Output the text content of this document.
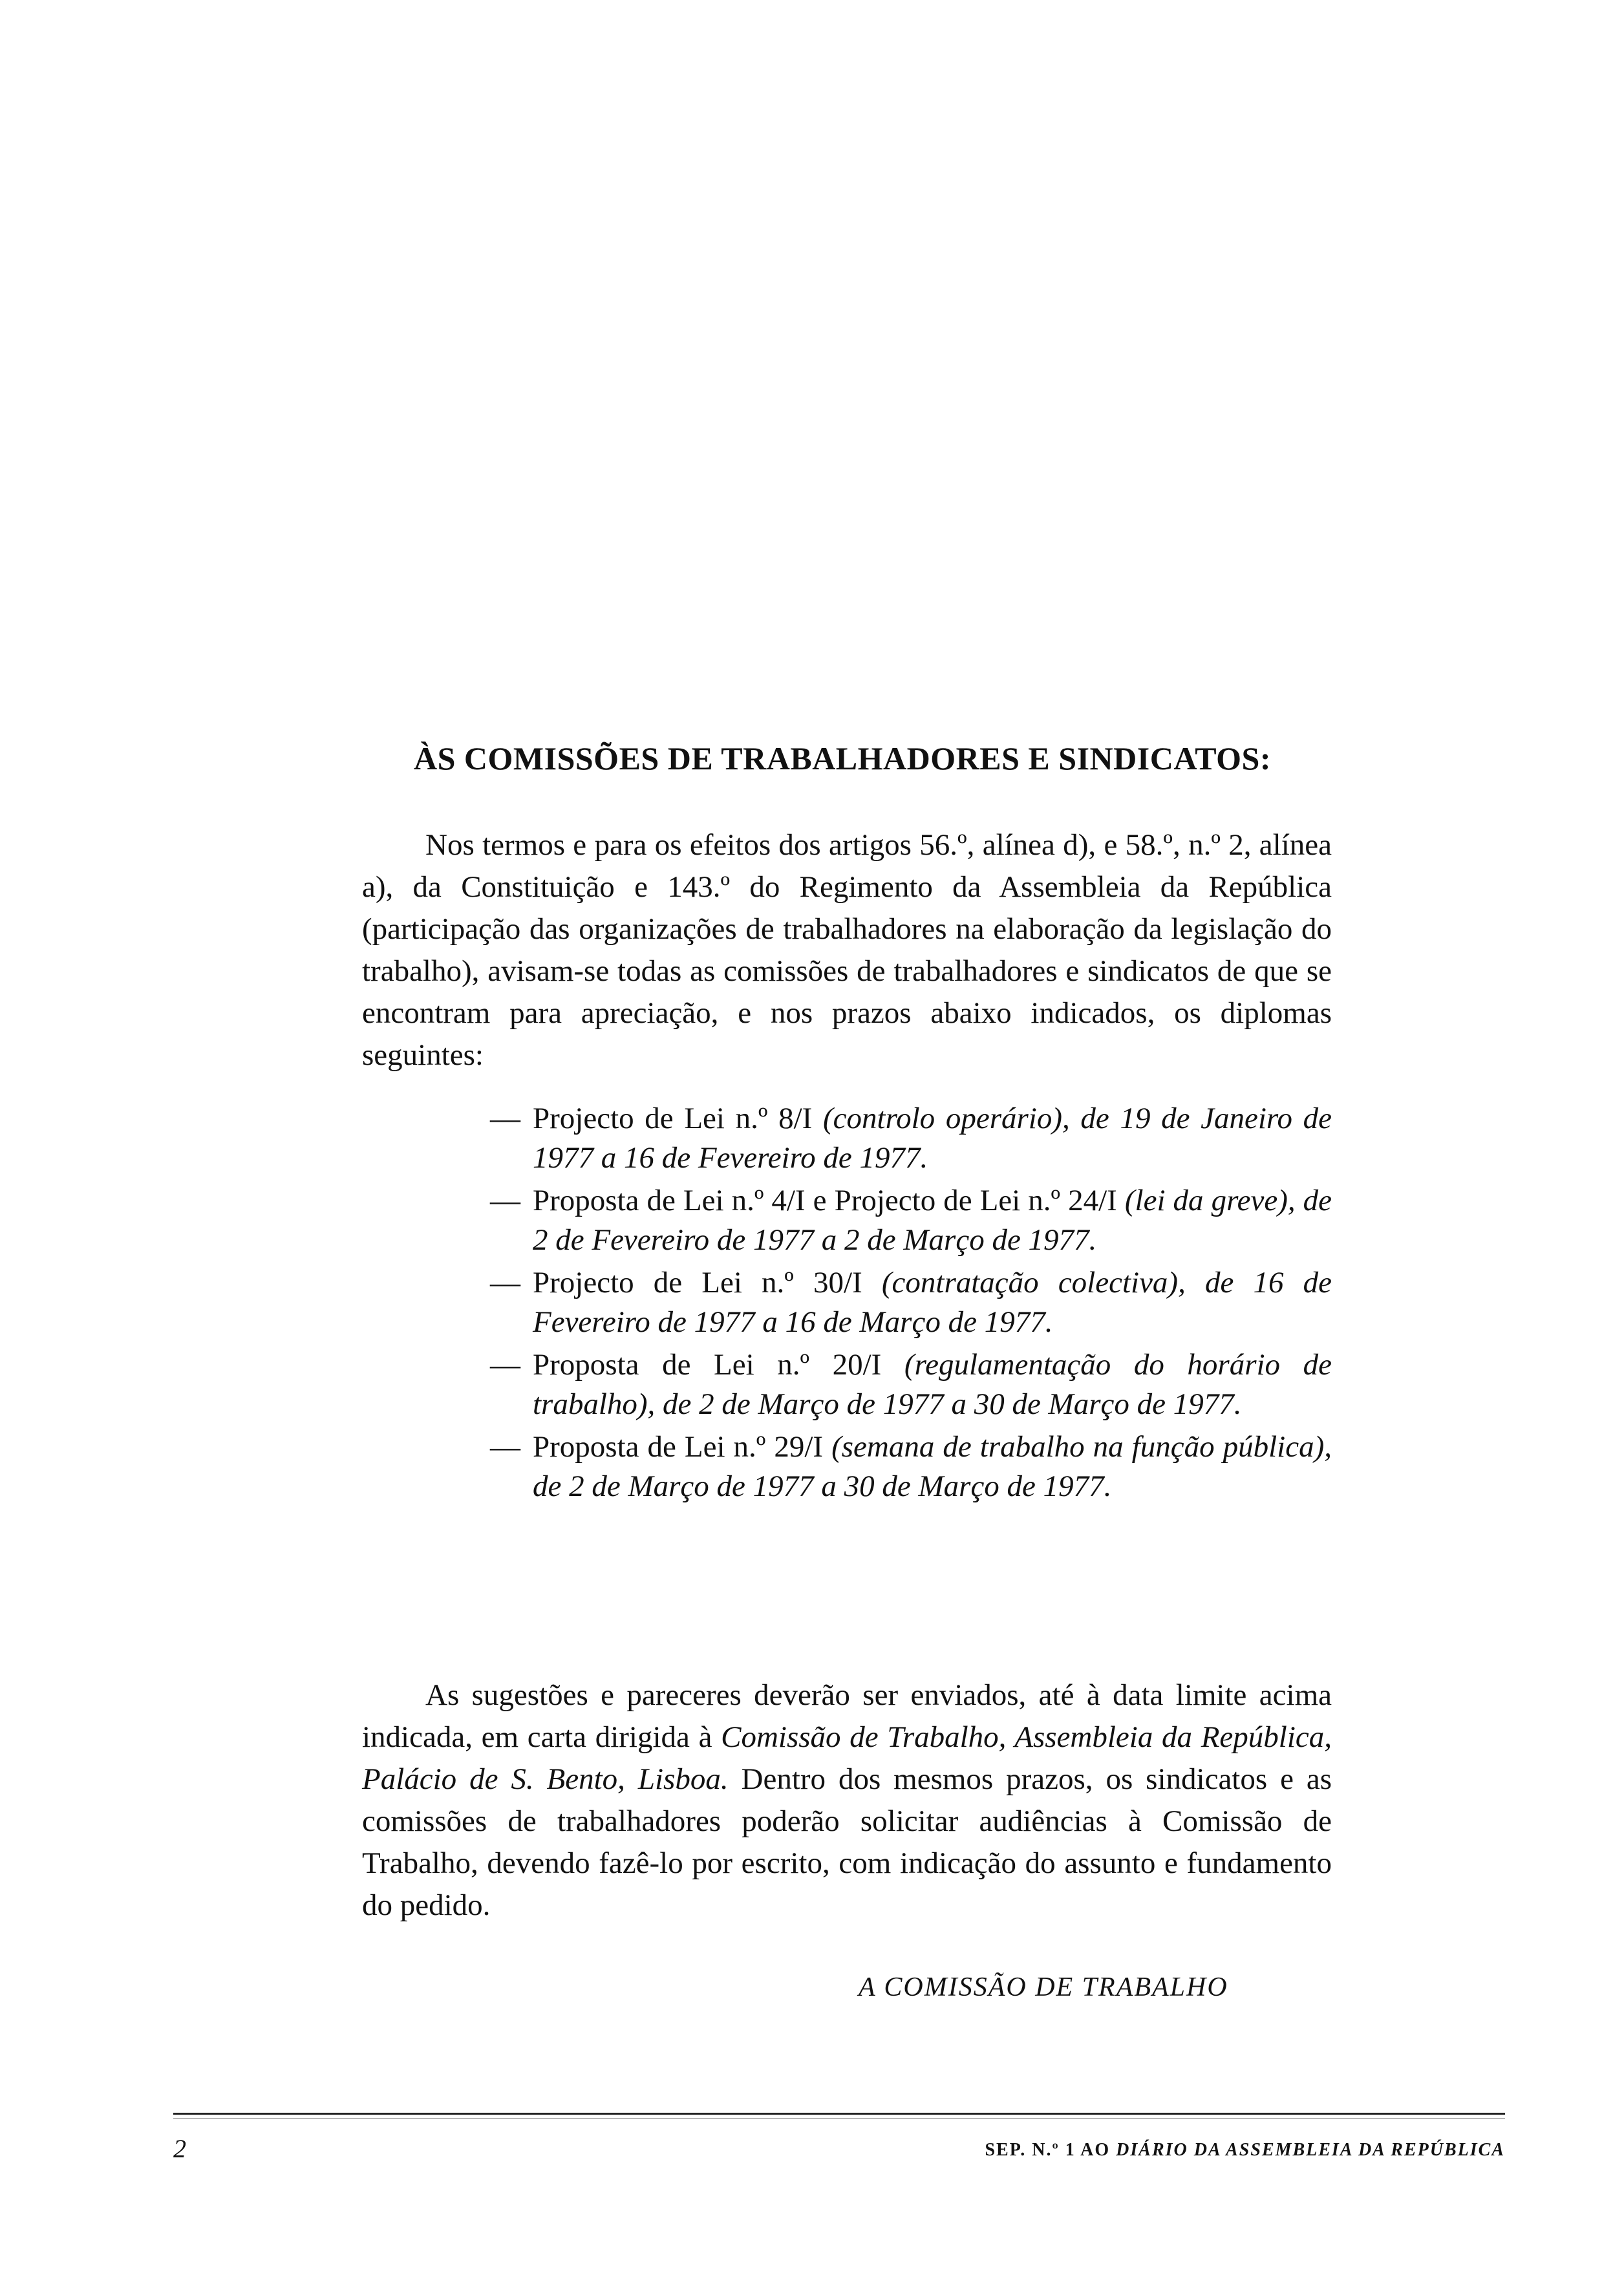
ÀS COMISSÕES DE TRABALHADORES E SINDICATOS:

Nos termos e para os efeitos dos artigos 56.º, alínea d), e 58.º, n.º 2, alínea a), da Constituição e 143.º do Regimento da Assembleia da República (participação das organizações de trabalhadores na elaboração da legislação do trabalho), avisam-se todas as comissões de trabalhadores e sindicatos de que se encontram para apreciação, e nos prazos abaixo indicados, os diplomas seguintes:

— Projecto de Lei n.º 8/I (controlo operário), de 19 de Janeiro de 1977 a 16 de Fevereiro de 1977.
— Proposta de Lei n.º 4/I e Projecto de Lei n.º 24/I (lei da greve), de 2 de Fevereiro de 1977 a 2 de Março de 1977.
— Projecto de Lei n.º 30/I (contratação colectiva), de 16 de Fevereiro de 1977 a 16 de Março de 1977.
— Proposta de Lei n.º 20/I (regulamentação do horário de trabalho), de 2 de Março de 1977 a 30 de Março de 1977.
— Proposta de Lei n.º 29/I (semana de trabalho na função pública), de 2 de Março de 1977 a 30 de Março de 1977.

As sugestões e pareceres deverão ser enviados, até à data limite acima indicada, em carta dirigida à Comissão de Trabalho, Assembleia da República, Palácio de S. Bento, Lisboa. Dentro dos mesmos prazos, os sindicatos e as comissões de trabalhadores poderão solicitar audiências à Comissão de Trabalho, devendo fazê-lo por escrito, com indicação do assunto e fundamento do pedido.

A COMISSÃO DE TRABALHO
2	SEP. N.º 1 AO DIÁRIO DA ASSEMBLEIA DA REPÚBLICA
